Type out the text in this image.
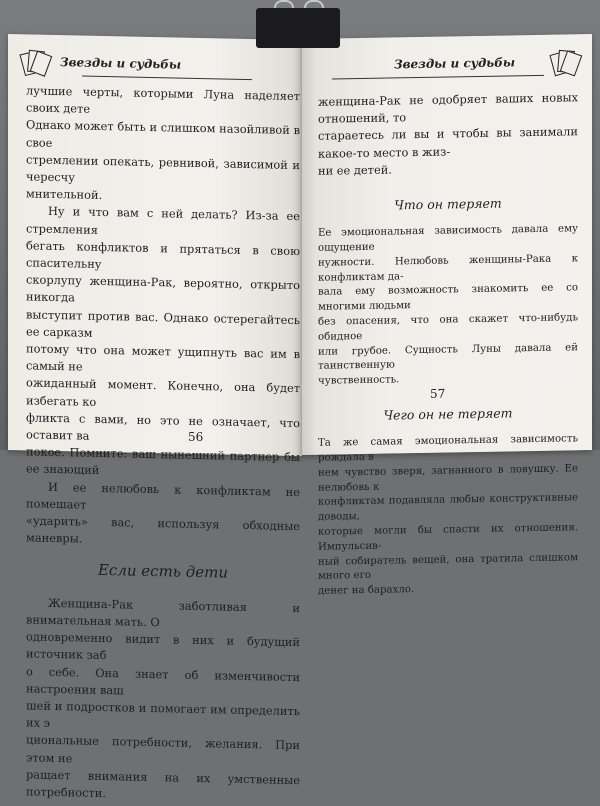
Звезды и судьбы

лучшие черты, которыми Луна наделяет своих дете

Однако может быть и слишком назойливой в свое

стремлении опекать, ревнивой, зависимой и чересчу

мнительной.

Ну и что вам с ней делать? Из-за ее стремления

бегать конфликтов и прятаться в свою спасительну

скорлупу женщина-Рак, вероятно, открыто никогда

выступит против вас. Однако остерегайтесь ее сарказм

потому что она может ущипнуть вас им в самый не

ожиданный момент. Конечно, она будет избегать ко

фликта с вами, но это не означает, что оставит ва

покое. Помните: ваш нынешний партнер бы ее знающий

И ее нелюбовь к конфликтам не помешает

«ударить» вас, используя обходные маневры.

Если есть дети

Женщина-Рак заботливая и внимательная мать. О

одновременно видит в них и будущий источник заб

о себе. Она знает об изменчивости настроения ваш

шей и подростков и помогает им определить их э

циональные потребности, желания. При этом не

ращает внимания на их умственные потребности.

56
Звезды и судьбы

женщина-Рак не одобряет ваших новых отношений, то

стараетесь ли вы и чтобы вы занимали какое-то место в жиз-

ни ее детей.

Что он теряет

Ее эмоциональная зависимость давала ему ощущение

нужности. Нелюбовь женщины-Рака к конфликтам да-

вала ему возможность знакомить ее со многими людьми

без опасения, что она скажет что-нибудь обидное

или грубое. Сущность Луны давала ей таинственную

чувственность.

Чего он не теряет

Та же самая эмоциональная зависимость рождала в

нем чувство зверя, загнанного в ловушку. Ее нелюбовь к

конфликтам подавляла любые конструктивные доводы,

которые могли бы спасти их отношения. Импульсив-

ный собиратель вещей, она тратила слишком много его

денег на барахло.

57
